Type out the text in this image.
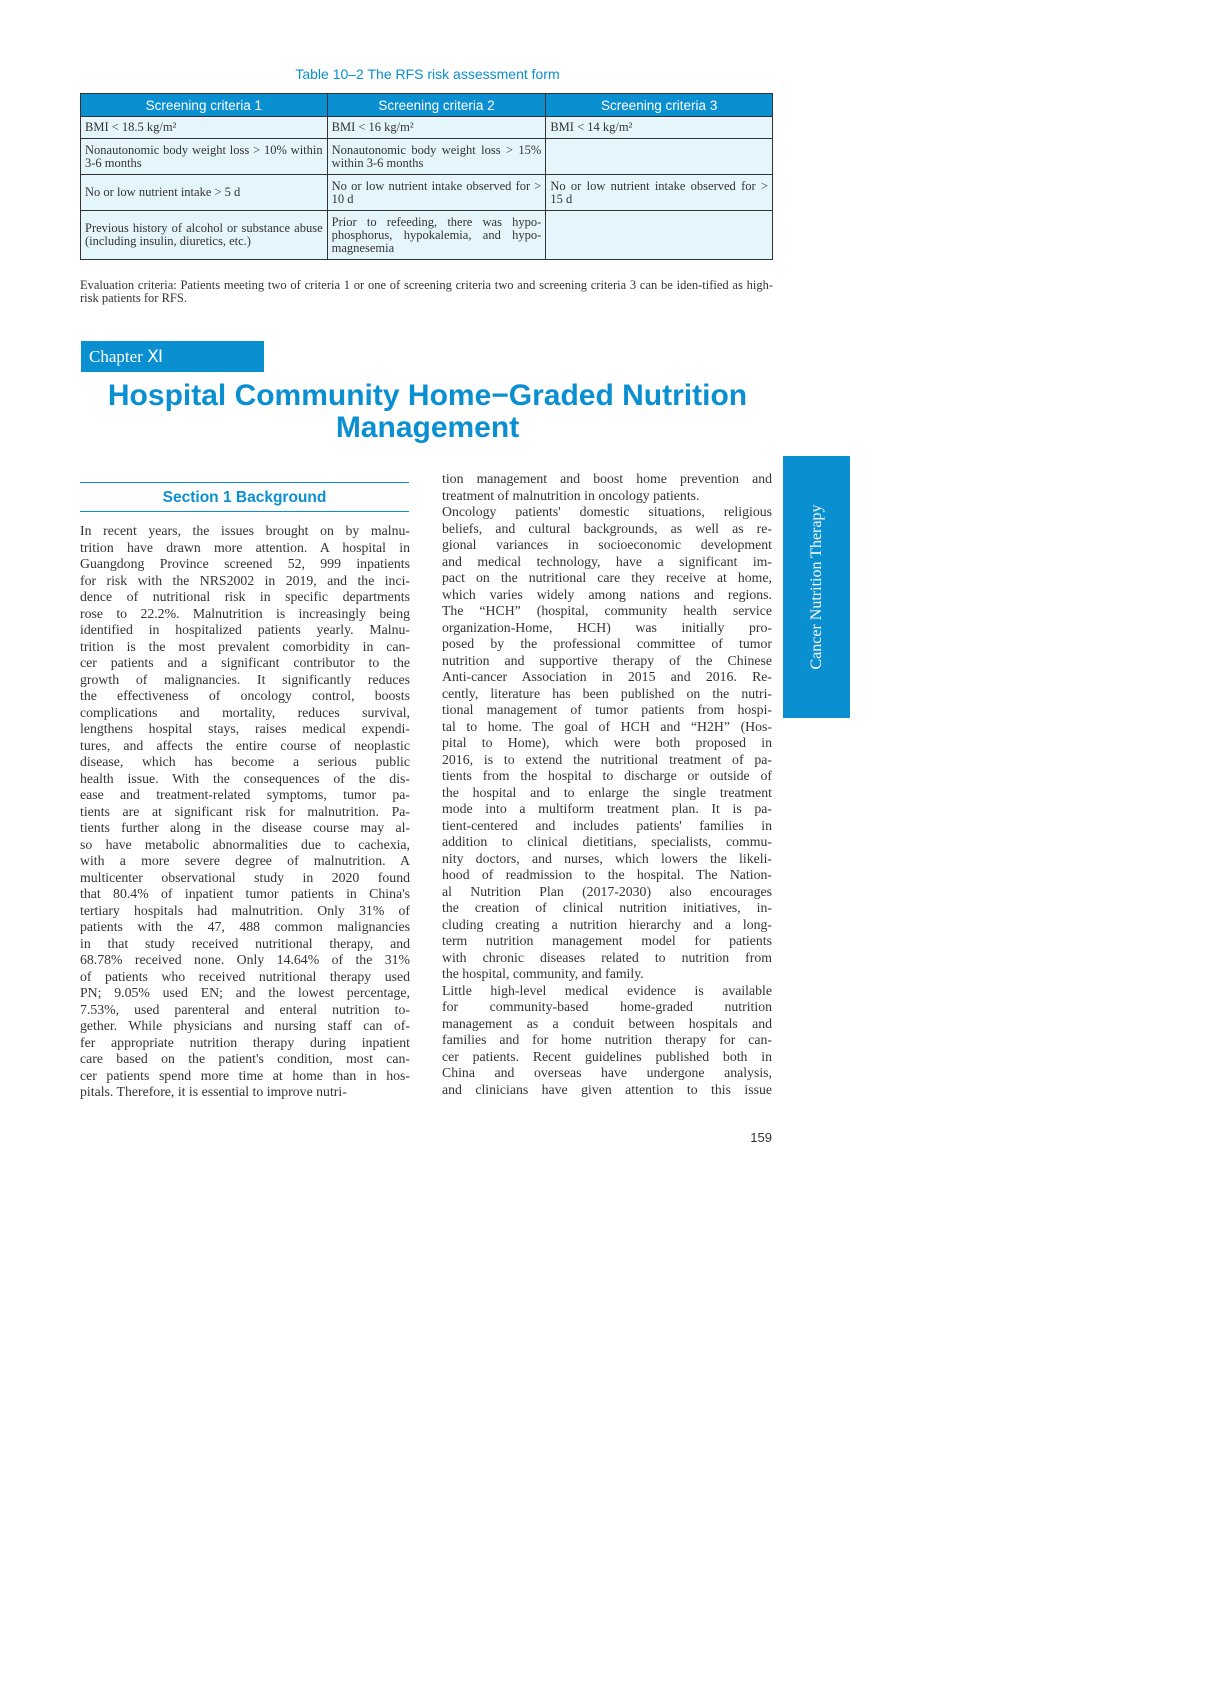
Table 10–2 The RFS risk assessment form
Screening criteria 1	Screening criteria 2	Screening criteria 3
BMI < 18.5 kg/m²	BMI < 16 kg/m²	BMI < 14 kg/m²
Nonautonomic body weight loss > 10% within 3-6 months	Nonautonomic body weight loss > 15% within 3-6 months	
No or low nutrient intake > 5 d	No or low nutrient intake observed for > 10 d	No or low nutrient intake observed for > 15 d
Previous history of alcohol or substance abuse (including insulin, diuretics, etc.)	Prior to refeeding, there was hypo-phosphorus, hypokalemia, and hypo-magnesemia	
Evaluation criteria: Patients meeting two of criteria 1 or one of screening criteria two and screening criteria 3 can be iden-tified as high-risk patients for RFS.
Chapter Ⅺ
Hospital Community Home−Graded Nutrition
Management
Section 1 Background
In recent years, the issues brought on by malnu-
trition have drawn more attention. A hospital in
Guangdong Province screened 52, 999 inpatients
for risk with the NRS2002 in 2019, and the inci-
dence of nutritional risk in specific departments
rose to 22.2%. Malnutrition is increasingly being
identified in hospitalized patients yearly. Malnu-
trition is the most prevalent comorbidity in can-
cer patients and a significant contributor to the
growth of malignancies. It significantly reduces
the effectiveness of oncology control, boosts
complications and mortality, reduces survival,
lengthens hospital stays, raises medical expendi-
tures, and affects the entire course of neoplastic
disease, which has become a serious public
health issue. With the consequences of the dis-
ease and treatment-related symptoms, tumor pa-
tients are at significant risk for malnutrition. Pa-
tients further along in the disease course may al-
so have metabolic abnormalities due to cachexia,
with a more severe degree of malnutrition. A
multicenter observational study in 2020 found
that 80.4% of inpatient tumor patients in China's
tertiary hospitals had malnutrition. Only 31% of
patients with the 47, 488 common malignancies
in that study received nutritional therapy, and
68.78% received none. Only 14.64% of the 31%
of patients who received nutritional therapy used
PN; 9.05% used EN; and the lowest percentage,
7.53%, used parenteral and enteral nutrition to-
gether. While physicians and nursing staff can of-
fer appropriate nutrition therapy during inpatient
care based on the patient's condition, most can-
cer patients spend more time at home than in hos-
pitals. Therefore, it is essential to improve nutri-
tion management and boost home prevention and
treatment of malnutrition in oncology patients.
Oncology patients' domestic situations, religious
beliefs, and cultural backgrounds, as well as re-
gional variances in socioeconomic development
and medical technology, have a significant im-
pact on the nutritional care they receive at home,
which varies widely among nations and regions.
The “HCH” (hospital, community health service
organization-Home, HCH) was initially pro-
posed by the professional committee of tumor
nutrition and supportive therapy of the Chinese
Anti-cancer Association in 2015 and 2016. Re-
cently, literature has been published on the nutri-
tional management of tumor patients from hospi-
tal to home. The goal of HCH and “H2H” (Hos-
pital to Home), which were both proposed in
2016, is to extend the nutritional treatment of pa-
tients from the hospital to discharge or outside of
the hospital and to enlarge the single treatment
mode into a multiform treatment plan. It is pa-
tient-centered and includes patients' families in
addition to clinical dietitians, specialists, commu-
nity doctors, and nurses, which lowers the likeli-
hood of readmission to the hospital. The Nation-
al Nutrition Plan (2017-2030) also encourages
the creation of clinical nutrition initiatives, in-
cluding creating a nutrition hierarchy and a long-
term nutrition management model for patients
with chronic diseases related to nutrition from
the hospital, community, and family.
Little high-level medical evidence is available
for community-based home-graded nutrition
management as a conduit between hospitals and
families and for home nutrition therapy for can-
cer patients. Recent guidelines published both in
China and overseas have undergone analysis,
and clinicians have given attention to this issue
Cancer Nutrition Therapy
159
